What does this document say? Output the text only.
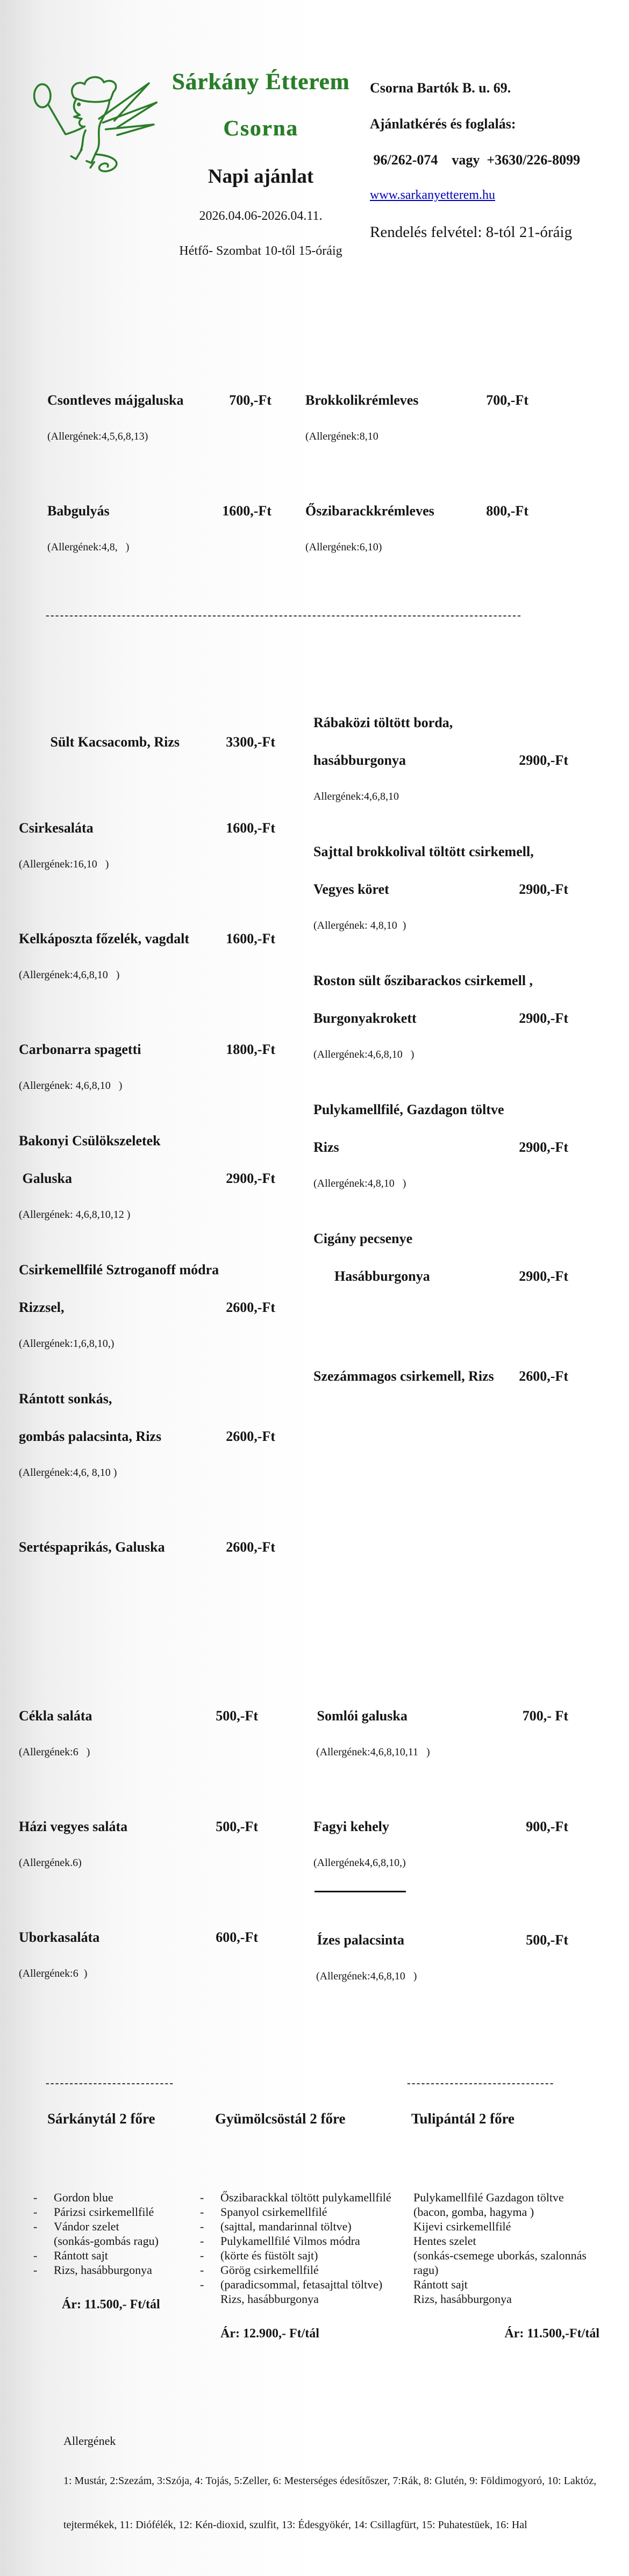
Sárkány Étterem

Csorna

Napi ajánlat

2026.04.06-2026.04.11.

Hétfő- Szombat 10-től 15-óráig

Csorna Bartók B. u. 69.

Ajánlatkérés és foglalás:

96/262-074    vagy  +3630/226-8099

www.sarkanyetterem.hu

Rendelés felvétel: 8-tól 21-óráig

Csontleves májgaluska	700,-Ft

(Allergének:4,5,6,8,13)

Babgulyás	1600,-Ft

(Allergének:4,8,   )

Brokkolikrémleves	700,-Ft

(Allergének:8,10

Őszibarackkrémleves	800,-Ft

(Allergének:6,10)

----------------------------------------------------------------------------------------------------

Sült Kacsacomb, Rizs	3300,-Ft

Csirkesaláta	1600,-Ft

(Allergének:16,10   )

Kelkáposzta főzelék, vagdalt	1600,-Ft

(Allergének:4,6,8,10   )

Carbonarra spagetti	1800,-Ft

(Allergének: 4,6,8,10   )

Bakonyi Csülökszeletek

Galuska	2900,-Ft

(Allergének: 4,6,8,10,12 )

Csirkemellfilé Sztroganoff módra

Rizzsel,	2600,-Ft

(Allergének:1,6,8,10,)

Rántott sonkás,

gombás palacsinta, Rizs	2600,-Ft

(Allergének:4,6, 8,10 )

Sertéspaprikás, Galuska	2600,-Ft

Rábaközi töltött borda,

hasábburgonya	2900,-Ft

Allergének:4,6,8,10

Sajttal brokkolival töltött csirkemell,

Vegyes köret	2900,-Ft

(Allergének: 4,8,10  )

Roston sült őszibarackos csirkemell ,

Burgonyakrokett	2900,-Ft

(Allergének:4,6,8,10   )

Pulykamellfilé, Gazdagon töltve

Rizs	2900,-Ft

(Allergének:4,8,10   )

Cigány pecsenye

Hasábburgonya	2900,-Ft

Szezámmagos csirkemell, Rizs 2600,-Ft

Cékla saláta	500,-Ft

(Allergének:6   )

Házi vegyes saláta	500,-Ft

(Allergének.6)

Uborkasaláta	600,-Ft

(Allergének:6  )

Somlói galuska	700,- Ft

(Allergének:4,6,8,10,11   )

Fagyi kehely	900,-Ft

(Allergének4,6,8,10,)

Ízes palacsinta	500,-Ft

(Allergének:4,6,8,10   )

---------------------------

Sárkánytál 2 főre

-	Gordon blue
-	Párizsi csirkemellfilé
-	Vándor szelet
(sonkás-gombás ragu)
-	Rántott sajt
-	Rizs, hasábburgonya

Ár: 11.500,- Ft/tál

Gyümölcsöstál 2 főre

-	Őszibarackkal töltött pulykamellfilé
-	Spanyol csirkemellfilé
-	(sajttal, mandarinnal töltve)
-	Pulykamellfilé Vilmos módra
-	(körte és füstölt sajt)
-	Görög csirkemellfilé
-	(paradicsommal, fetasajttal töltve)
Rizs, hasábburgonya

Ár: 12.900,- Ft/tál

-------------------------------

Tulipántál 2 főre

Pulykamellfilé Gazdagon töltve
(bacon, gomba, hagyma )
Kijevi csirkemellfilé
Hentes szelet
(sonkás-csemege uborkás, szalonnás
ragu)
Rántott sajt
Rizs, hasábburgonya

Ár: 11.500,-Ft/tál

Allergének

1: Mustár, 2:Szezám, 3:Szója, 4: Tojás, 5:Zeller, 6: Mesterséges édesítőszer, 7:Rák, 8: Glutén, 9: Földimogyoró, 10: Laktóz,

tejtermékek, 11: Diófélék, 12: Kén-dioxid, szulfit, 13: Édesgyökér, 14: Csillagfürt, 15: Puhatestüek, 16: Hal
